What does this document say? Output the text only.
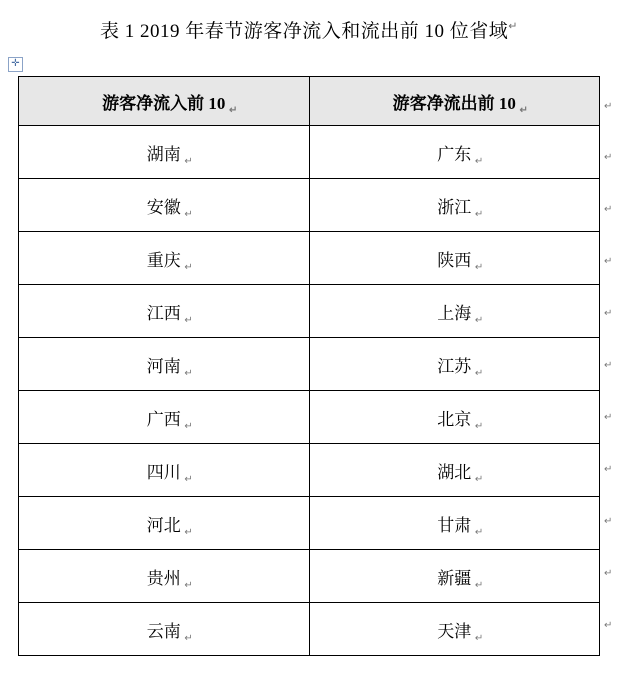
表 1 2019 年春节游客净流入和流出前 10 位省域↵
✛
游客净流入前 10 ↵	游客净流出前 10 ↵

湖南 ↵	广东 ↵

安徽 ↵	浙江 ↵

重庆 ↵	陕西 ↵

江西 ↵	上海 ↵

河南 ↵	江苏 ↵

广西 ↵	北京 ↵

四川 ↵	湖北 ↵

河北 ↵	甘肃 ↵

贵州 ↵	新疆 ↵

云南 ↵	天津 ↵
↵
↵
↵
↵
↵
↵
↵
↵
↵
↵
↵
